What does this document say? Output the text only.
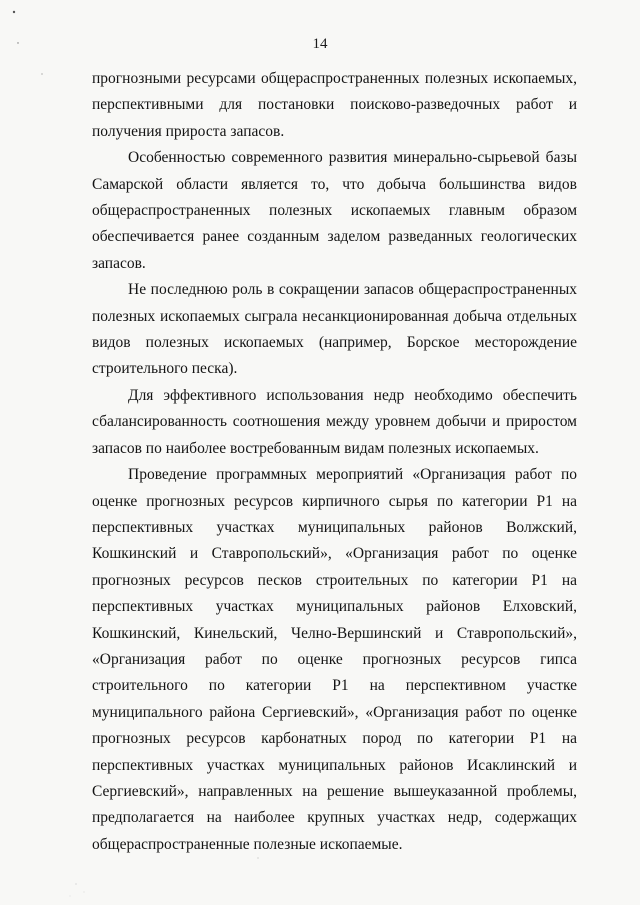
14

прогнозными ресурсами общераспространенных полезных ископаемых, перспективными для постановки поисково-разведочных работ и получения прироста запасов.

Особенностью современного развития минерально-сырьевой базы Самарской области является то, что добыча большинства видов общераспространенных полезных ископаемых главным образом обеспечивается ранее созданным заделом разведанных геологических запасов.

Не последнюю роль в сокращении запасов общераспространенных полезных ископаемых сыграла несанкционированная добыча отдельных видов полезных ископаемых (например, Борское месторождение строительного песка).

Для эффективного использования недр необходимо обеспечить сбалансированность соотношения между уровнем добычи и приростом запасов по наиболее востребованным видам полезных ископаемых.

Проведение программных мероприятий «Организация работ по оценке прогнозных ресурсов кирпичного сырья по категории Р1 на перспективных участках муниципальных районов Волжский, Кошкинский и Ставропольский», «Организация работ по оценке прогнозных ресурсов песков строительных по категории Р1 на перспективных участках муниципальных районов Елховский, Кошкинский, Кинельский, Челно-Вершинский и Ставропольский», «Организация работ по оценке прогнозных ресурсов гипса строительного по категории Р1 на перспективном участке муниципального района Сергиевский», «Организация работ по оценке прогнозных ресурсов карбонатных пород по категории Р1 на перспективных участках муниципальных районов Исаклинский и Сергиевский», направленных на решение вышеуказанной проблемы, предполагается на наиболее крупных участках недр, содержащих общераспространенные полезные ископаемые.
